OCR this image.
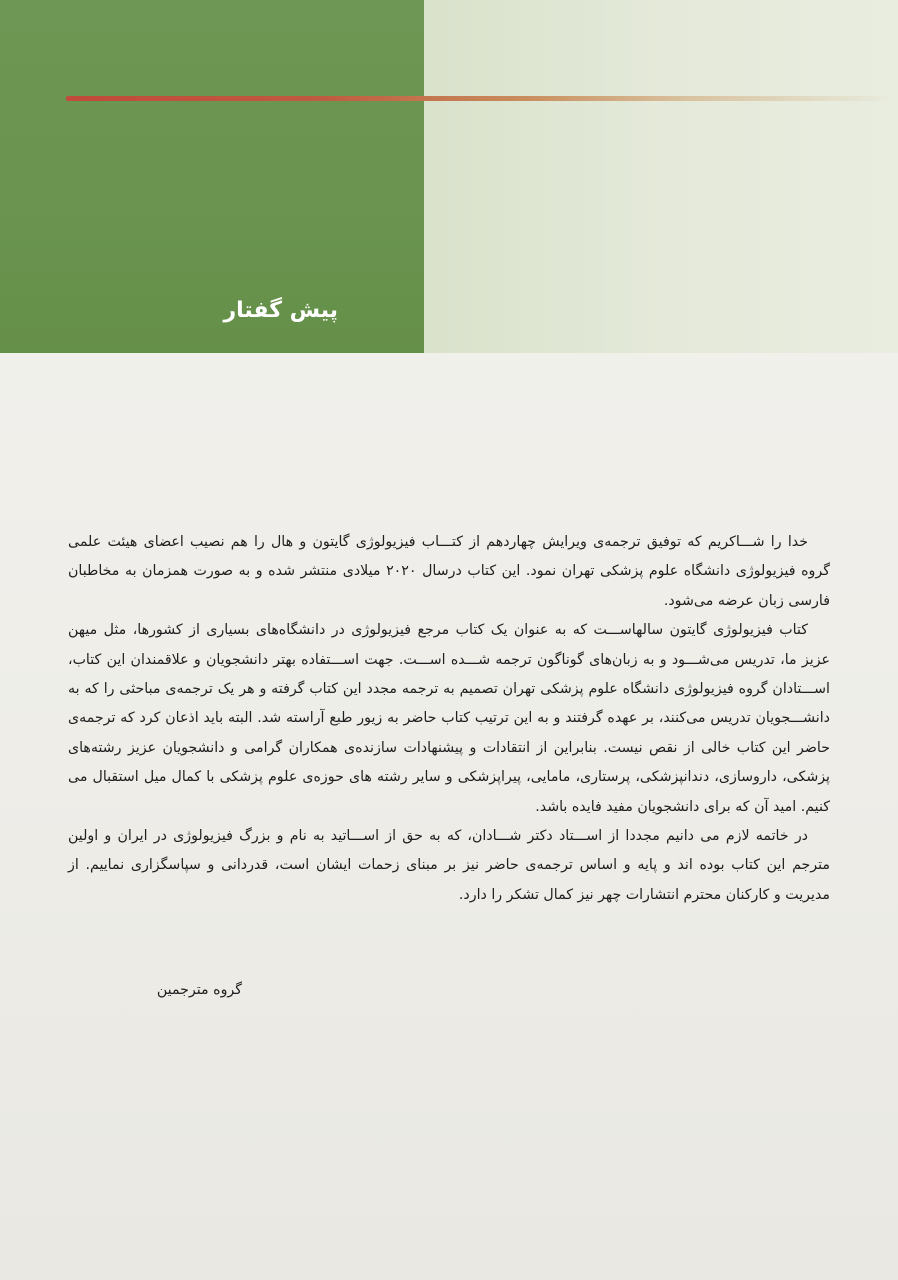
پیش گفتار

خدا را شـــاکریم که توفیق ترجمه‌ی ویرایش چهاردهم از کتـــاب فیزیولوژی گایتون و هال را هم نصیب اعضای هیئت علمی گروه فیزیولوژی دانشگاه علوم پزشکی تهران نمود. این کتاب درسال ۲۰۲۰ میلادی منتشر شده و به صورت همزمان به مخاطبان فارسی زبان عرضه می‌شود.

کتاب فیزیولوژی گایتون سالهاســـت که به عنوان یک کتاب مرجع فیزیولوژی در دانشگاه‌های بسیاری از کشورها، مثل میهن عزیز ما، تدریس می‌شـــود و به زبان‌های گوناگون ترجمه شـــده اســـت. جهت اســـتفاده بهتر دانشجویان و علاقمندان این کتاب، اســـتادان گروه فیزیولوژی دانشگاه علوم پزشکی تهران تصمیم به ترجمه مجدد این کتاب گرفته و هر یک ترجمه‌ی مباحثی را که به دانشـــجویان تدریس می‌کنند، بر عهده گرفتند و به این ترتیب کتاب حاضر به زیور طبع آراسته شد. البته باید اذعان کرد که ترجمه‌ی حاضر این کتاب خالی از نقص نیست. بنابراین از انتقادات و پیشنهادات سازنده‌ی همکاران گرامی و دانشجویان عزیز رشته‌های پزشکی، داروسازی، دندانپزشکی، پرستاری، مامایی، پیراپزشکی و سایر رشته های حوزه‌ی علوم پزشکی با کمال میل استقبال می کنیم. امید آن که برای دانشجویان مفید فایده باشد.

در خاتمه لازم می دانیم مجددا از اســـتاد دکتر شـــادان، که به حق از اســـاتید به نام و بزرگ فیزیولوژی در ایران و اولین مترجم این کتاب بوده اند و پایه و اساس ترجمه‌ی حاضر نیز بر مبنای زحمات ایشان است، قدردانی و سپاسگزاری نماییم. از مدیریت و کارکنان محترم انتشارات چهر نیز کمال تشکر را دارد.

گروه مترجمین
